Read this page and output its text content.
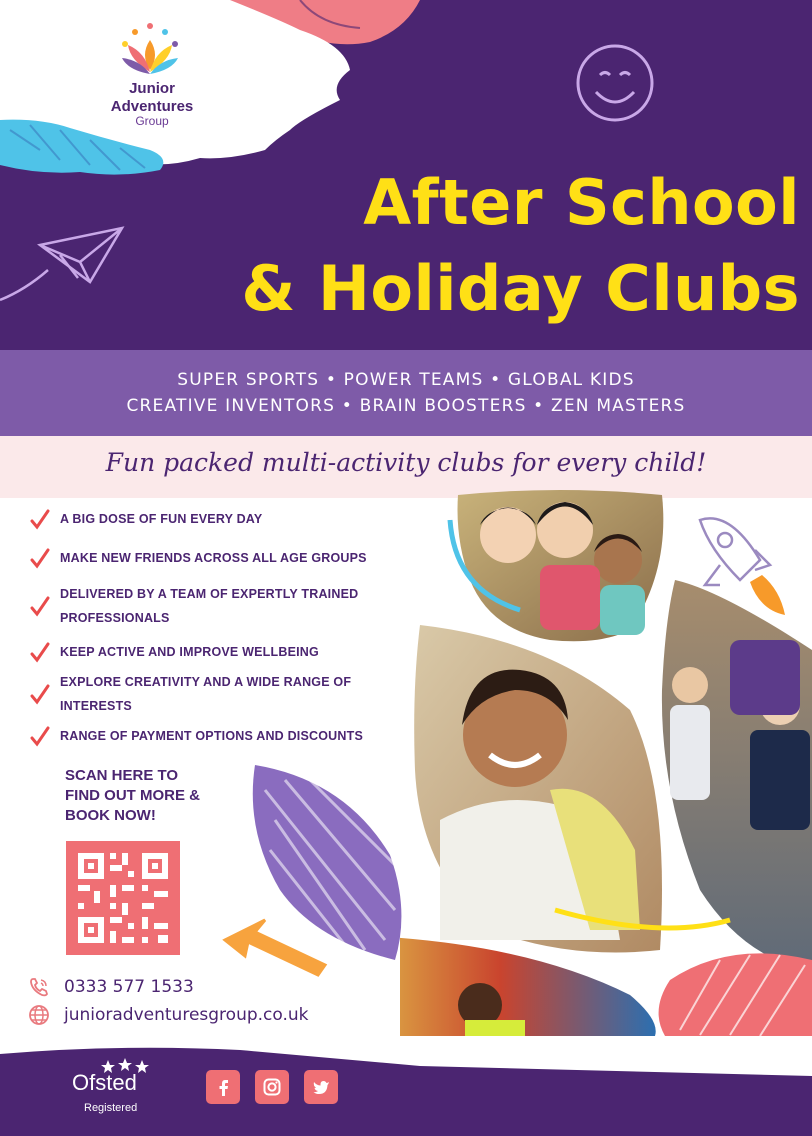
Junior
Adventures
Group
After School
& Holiday Clubs
SUPER SPORTS • POWER TEAMS • GLOBAL KIDS
CREATIVE INVENTORS • BRAIN BOOSTERS • ZEN MASTERS
Fun packed multi-activity clubs for every child!
A BIG DOSE OF FUN EVERY DAY
MAKE NEW FRIENDS ACROSS ALL AGE GROUPS
DELIVERED BY A TEAM OF EXPERTLY TRAINED
PROFESSIONALS
KEEP ACTIVE AND IMPROVE WELLBEING
EXPLORE CREATIVITY AND A WIDE RANGE OF
INTERESTS
RANGE OF PAYMENT OPTIONS AND DISCOUNTS
SCAN HERE TO
FIND OUT MORE &
BOOK NOW!
0333 577 1533
junioradventuresgroup.co.uk
Ofsted
Registered
